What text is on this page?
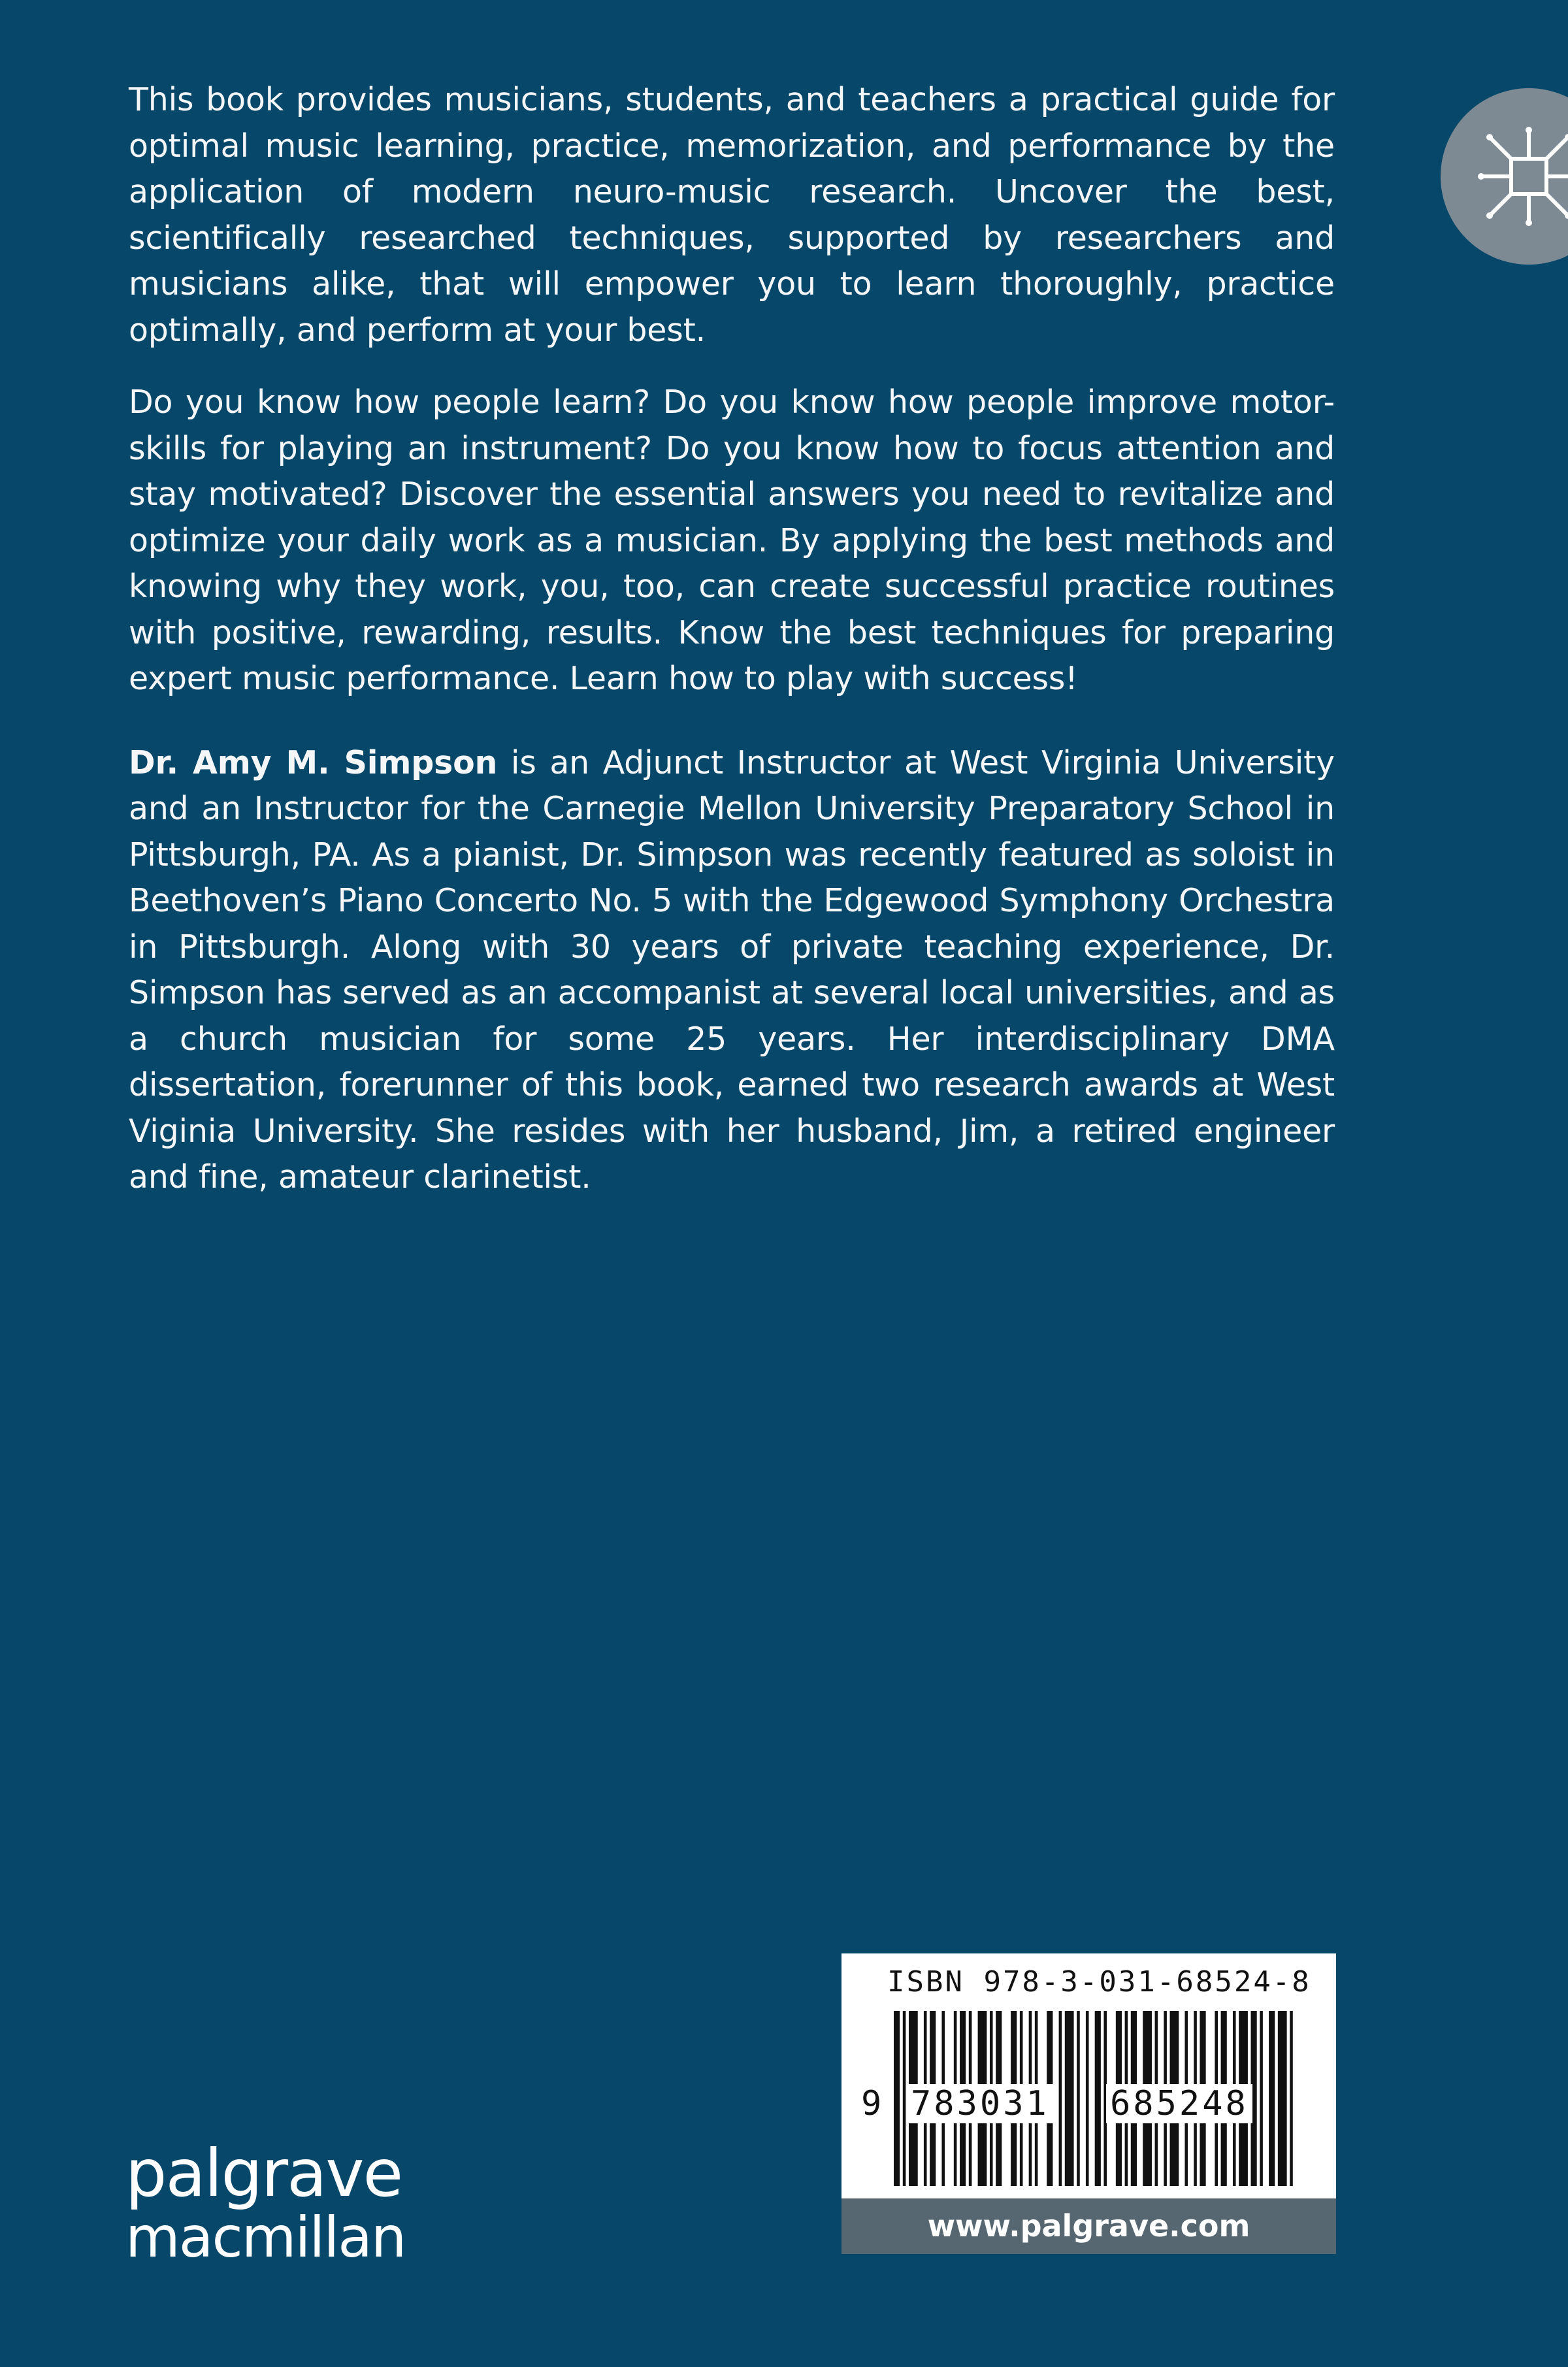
This book provides musicians, students, and teachers a practical guide for optimal music learning, practice, memorization, and performance by the application of modern neuro-music research. Uncover the best, scientifically researched techniques, supported by researchers and musicians alike, that will empower you to learn thoroughly, practice optimally, and perform at your best.

Do you know how people learn? Do you know how people improve motor-skills for playing an instrument? Do you know how to focus attention and stay motivated? Discover the essential answers you need to revitalize and optimize your daily work as a musician. By applying the best methods and knowing why they work, you, too, can create successful practice routines with positive, rewarding, results. Know the best techniques for preparing expert music performance. Learn how to play with success!

Dr. Amy M. Simpson is an Adjunct Instructor at West Virginia University and an Instructor for the Carnegie Mellon University Preparatory School in Pittsburgh, PA. As a pianist, Dr. Simpson was recently featured as soloist in Beethoven’s Piano Concerto No. 5 with the Edgewood Symphony Orchestra in Pittsburgh. Along with 30 years of private teaching experience, Dr. Simpson has served as an accompanist at several local universities, and as a church musician for some 25 years. Her interdisciplinary DMA dissertation, forerunner of this book, earned two research awards at West Viginia University. She resides with her husband, Jim, a retired engineer and fine, amateur clarinetist.

palgrave
macmillan
ISBN 978-3-031-68524-8
9 783031 685248
www.palgrave.com
